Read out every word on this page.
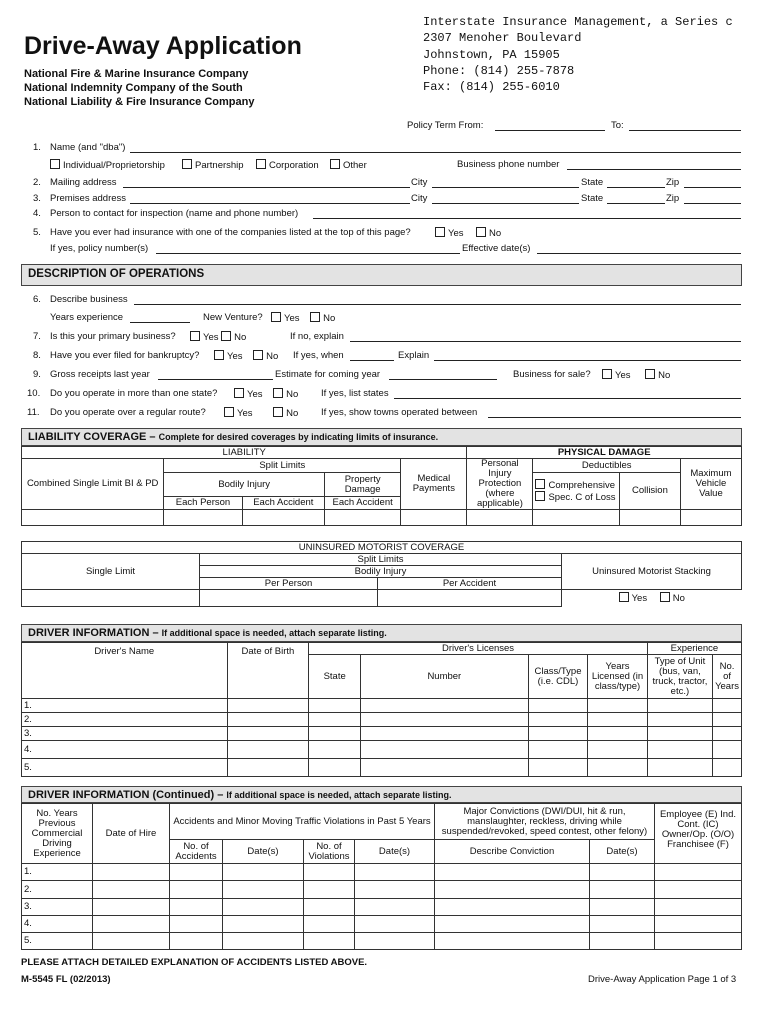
Drive-Away Application
National Fire & Marine Insurance Company
National Indemnity Company of the South
National Liability & Fire Insurance Company
Interstate Insurance Management, a Series c
2307 Menoher Boulevard
Johnstown, PA 15905
Phone: (814) 255-7878
Fax: (814) 255-6010
Policy Term From:	To:
1. Name (and "dba")
Individual/Proprietorship	Partnership	Corporation	Other	Business phone number
2. Mailing address	City	State	Zip
3. Premises address	City	State	Zip
4. Person to contact for inspection (name and phone number)
5. Have you ever had insurance with one of the companies listed at the top of this page?	Yes	No
If yes, policy number(s)	Effective date(s)
DESCRIPTION OF OPERATIONS
6. Describe business
Years experience	New Venture?
7. Is this your primary business?	If no, explain
8. Have you ever filed for bankruptcy?	If yes, when	Explain
9. Gross receipts last year	Estimate for coming year	Business for sale?
10. Do you operate in more than one state?	If yes, list states
11. Do you operate over a regular route?	If yes, show towns operated between
Yes No
Yes No
Yes No
Yes	No
Yes No
Yes	No
LIABILITY COVERAGE – Complete for desired coverages by indicating limits of insurance.
LIABILITY					PHYSICAL DAMAGE			
Combined Single Limit BI & PD	Split Limits			Medical Payments	Personal Injury Protection (where applicable)	Deductibles		Maximum Vehicle Value
	Bodily Injury		Property Damage			Comprehensive
Spec. C of Loss	Collision	
	Each Person	Each Accident	Each Accident					

UNINSURED MOTORIST COVERAGE			
Single Limit	Split Limits		Uninsured Motorist Stacking
	Bodily Injury		
	Per Person	Per Accident	
			Yes No
DRIVER INFORMATION – If additional space is needed, attach separate listing.
Driver's Name	Date of Birth	Driver's Licenses				Experience	
		State	Number	Class/Type (i.e. CDL)	Years Licensed (in class/type)	Type of Unit (bus, van, truck, tractor, etc.)	No. of Years
1.							
2.							
3.							
4.							
5.							
DRIVER INFORMATION (Continued) – If additional space is needed, attach separate listing.
No. Years Previous Commercial Driving Experience	Date of Hire	Accidents and Minor Moving Traffic Violations in Past 5 Years				Major Convictions (DWI/DUI, hit & run, manslaughter, reckless, driving while suspended/revoked, speed contest, other felony)		Employee (E) Ind. Cont. (IC) Owner/Op. (O/O) Franchisee (F)
		No. of Accidents	Date(s)	No. of Violations	Date(s)	Describe Conviction	Date(s)	
1.								
2.								
3.								
4.								
5.								
PLEASE ATTACH DETAILED EXPLANATION OF ACCIDENTS LISTED ABOVE.
M-5545 FL (02/2013)	Drive-Away Application Page 1 of 3
